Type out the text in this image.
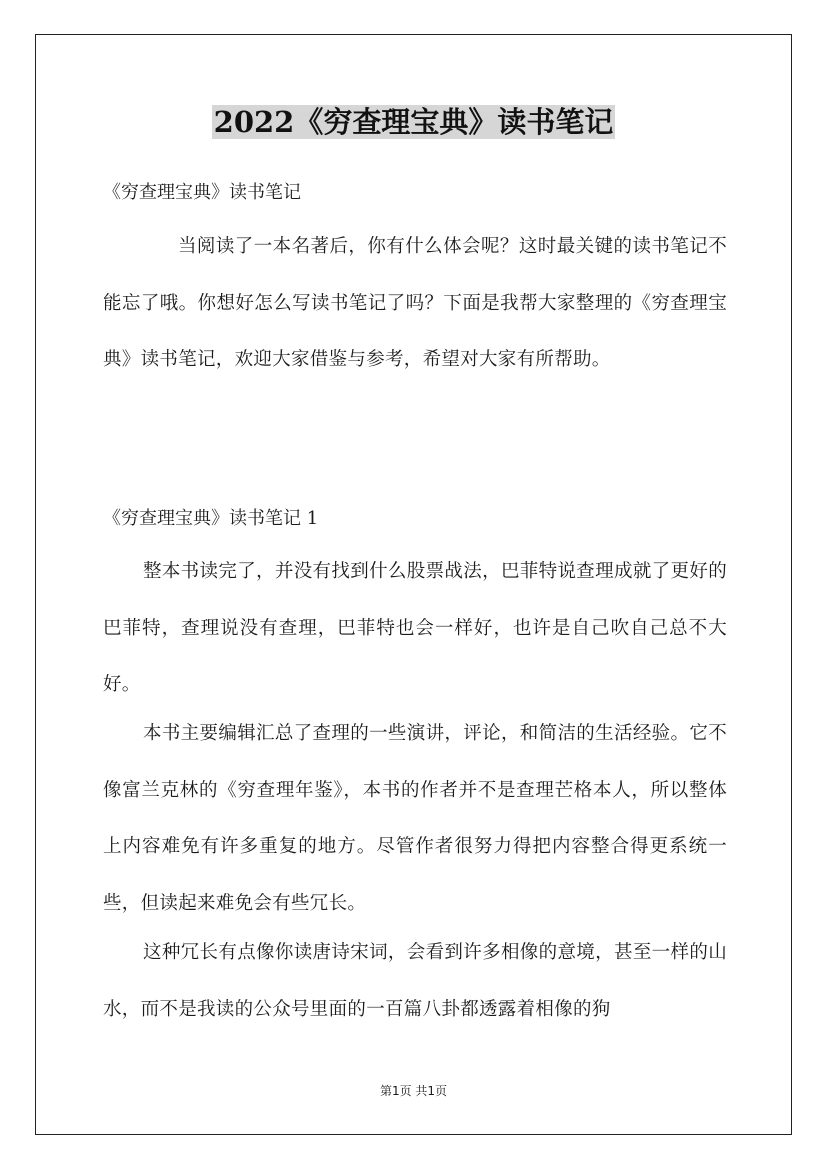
2022《穷查理宝典》读书笔记
《穷查理宝典》读书笔记
当阅读了一本名著后，你有什么体会呢？这时最关键的读书笔记不能忘了哦。你想好怎么写读书笔记了吗？下面是我帮大家整理的《穷查理宝典》读书笔记，欢迎大家借鉴与参考，希望对大家有所帮助。
《穷查理宝典》读书笔记 1
整本书读完了，并没有找到什么股票战法，巴菲特说查理成就了更好的巴菲特，查理说没有查理，巴菲特也会一样好，也许是自己吹自己总不大好。
本书主要编辑汇总了查理的一些演讲，评论，和简洁的生活经验。它不像富兰克林的《穷查理年鉴》，本书的作者并不是查理芒格本人，所以整体上内容难免有许多重复的地方。尽管作者很努力得把内容整合得更系统一些，但读起来难免会有些冗长。
这种冗长有点像你读唐诗宋词，会看到许多相像的意境，甚至一样的山水，而不是我读的公众号里面的一百篇八卦都透露着相像的狗
第1页 共1页
